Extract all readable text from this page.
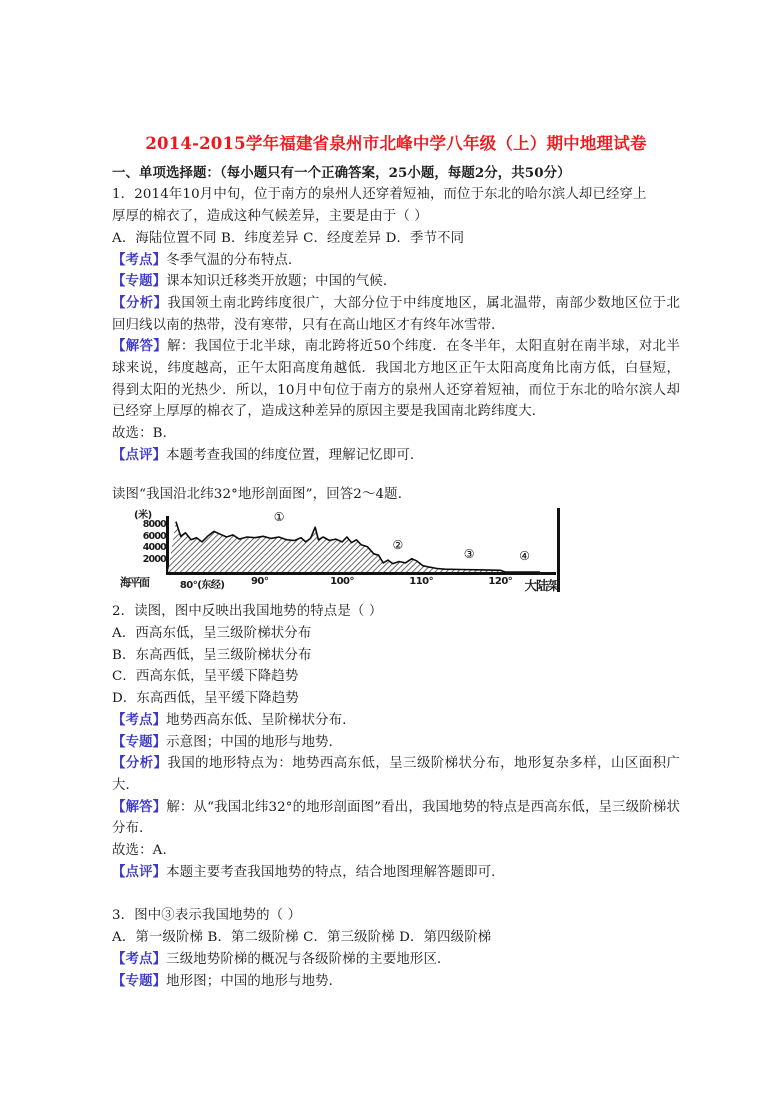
2014-2015学年福建省泉州市北峰中学八年级（上）期中地理试卷

一、单项选择题：（每小题只有一个正确答案，25小题，每题2分，共50分）

1．2014年10月中旬，位于南方的泉州人还穿着短袖，而位于东北的哈尔滨人却已经穿上

厚厚的棉衣了，造成这种气候差异，主要是由于（ ）

A．海陆位置不同 B．纬度差异 C．经度差异 D．季节不同

【考点】冬季气温的分布特点．

【专题】课本知识迁移类开放题；中国的气候．

【分析】我国领土南北跨纬度很广，大部分位于中纬度地区，属北温带，南部少数地区位于北回归线以南的热带，没有寒带，只有在高山地区才有终年冰雪带．

【解答】解：我国位于北半球，南北跨将近50个纬度．在冬半年，太阳直射在南半球，对北半球来说，纬度越高，正午太阳高度角越低．我国北方地区正午太阳高度角比南方低，白昼短，得到太阳的光热少．所以，10月中旬位于南方的泉州人还穿着短袖，而位于东北的哈尔滨人却已经穿上厚厚的棉衣了，造成这种差异的原因主要是我国南北跨纬度大．

故选：B.

【点评】本题考查我国的纬度位置，理解记忆即可．

读图“我国沿北纬32°地形剖面图”，回答2～4题．

(米)
8000
6000
4000
2000
海平面
①
②
③	④
80°(东经)	90°	100°	110°	120° 大陆架

2．读图，图中反映出我国地势的特点是（ ）

A．西高东低，呈三级阶梯状分布

B．东高西低，呈三级阶梯状分布

C．西高东低，呈平缓下降趋势

D．东高西低，呈平缓下降趋势

【考点】地势西高东低、呈阶梯状分布．

【专题】示意图；中国的地形与地势．

【分析】我国的地形特点为：地势西高东低，呈三级阶梯状分布，地形复杂多样，山区面积广大．

【解答】解：从“我国北纬32°的地形剖面图”看出，我国地势的特点是西高东低，呈三级阶梯状分布．

故选：A.

【点评】本题主要考查我国地势的特点，结合地图理解答题即可．

3．图中③表示我国地势的（ ）

A．第一级阶梯 B．第二级阶梯 C．第三级阶梯 D．第四级阶梯

【考点】三级地势阶梯的概况与各级阶梯的主要地形区．

【专题】地形图；中国的地形与地势．
